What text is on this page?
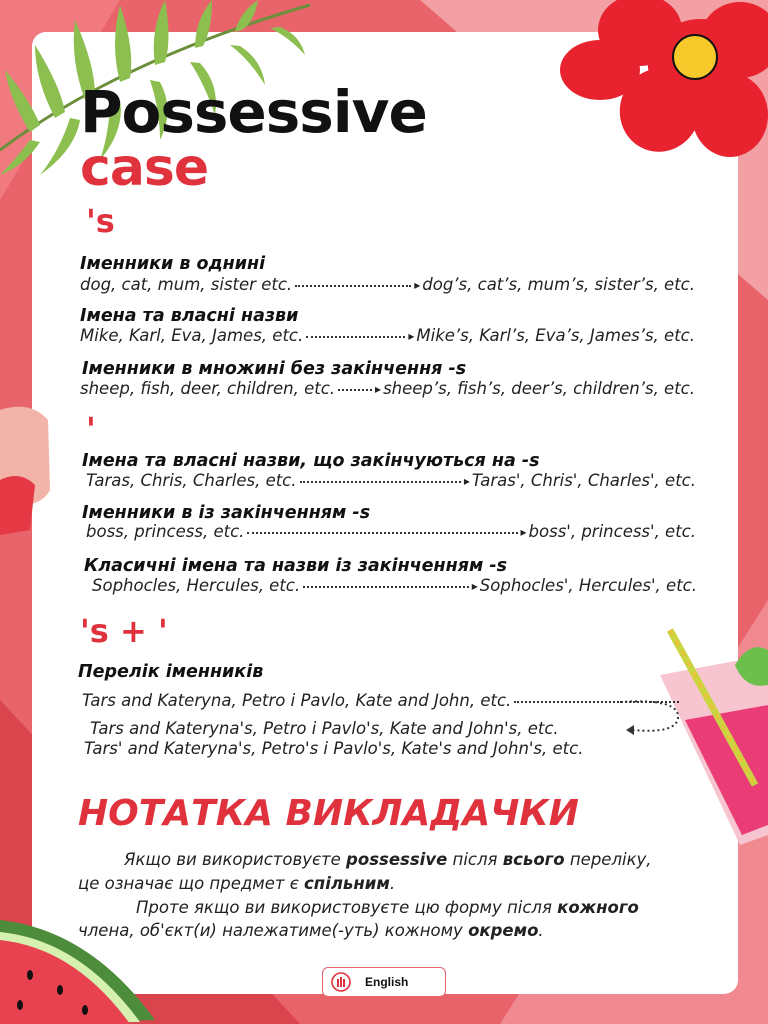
Possessive
case
's
Іменники в однині
dog, cat, mum, sister etc.	▸ dog’s, cat’s, mum’s, sister’s, etc.
Імена та власні назви
Mike, Karl, Eva, James, etc.	▸ Mike’s, Karl’s, Eva’s, James’s, etc.
Іменники в множині без закінчення -s
sheep, fish, deer, children, etc.	▸ sheep’s, fish’s, deer’s, children’s, etc.
'
Імена та власні назви, що закінчуються на -s
Taras, Chris, Charles, etc.	▸ Taras', Chris', Charles', etc.
Іменники в із закінченням -s
boss, princess, etc.	▸ boss', princess', etc.
Класичні імена та назви із закінченням -s
Sophocles, Hercules, etc.	▸ Sophocles', Hercules', etc.
's + '
Перелік іменників
Tars and Kateryna, Petro і Pavlo, Kate and John, etc.
Tars and Kateryna's, Petro і Pavlo's, Kate and John's, etc.
Tars' and Kateryna's, Petro's і Pavlo's, Kate's and John's, etc.
НОТАТКА ВИКЛАДАЧКИ
Якщо ви використовуєте possessive після всього переліку,
це означає що предмет є спільним.
Проте якщо ви використовуєте цю форму після кожного
члена, об'єкт(и) належатиме(-уть) кожному окремо.
English
